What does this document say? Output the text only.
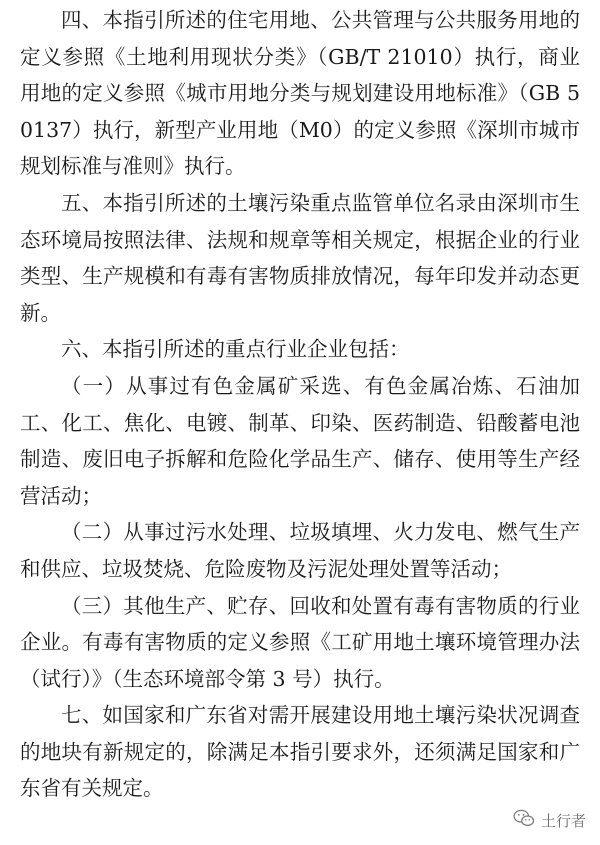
四、本指引所述的住宅用地、公共管理与公共服务用地的定义参照《土地利用现状分类》（GB/T 21010）执行，商业用地的定义参照《城市用地分类与规划建设用地标准》（GB 50137）执行，新型产业用地（M0）的定义参照《深圳市城市规划标准与准则》执行。

五、本指引所述的土壤污染重点监管单位名录由深圳市生态环境局按照法律、法规和规章等相关规定，根据企业的行业类型、生产规模和有毒有害物质排放情况，每年印发并动态更新。

六、本指引所述的重点行业企业包括：

（一）从事过有色金属矿采选、有色金属冶炼、石油加工、化工、焦化、电镀、制革、印染、医药制造、铅酸蓄电池制造、废旧电子拆解和危险化学品生产、储存、使用等生产经营活动；

（二）从事过污水处理、垃圾填埋、火力发电、燃气生产和供应、垃圾焚烧、危险废物及污泥处理处置等活动；

（三）其他生产、贮存、回收和处置有毒有害物质的行业企业。有毒有害物质的定义参照《工矿用地土壤环境管理办法（试行）》（生态环境部令第 3 号）执行。

七、如国家和广东省对需开展建设用地土壤污染状况调查的地块有新规定的，除满足本指引要求外，还须满足国家和广东省有关规定。

土行者
